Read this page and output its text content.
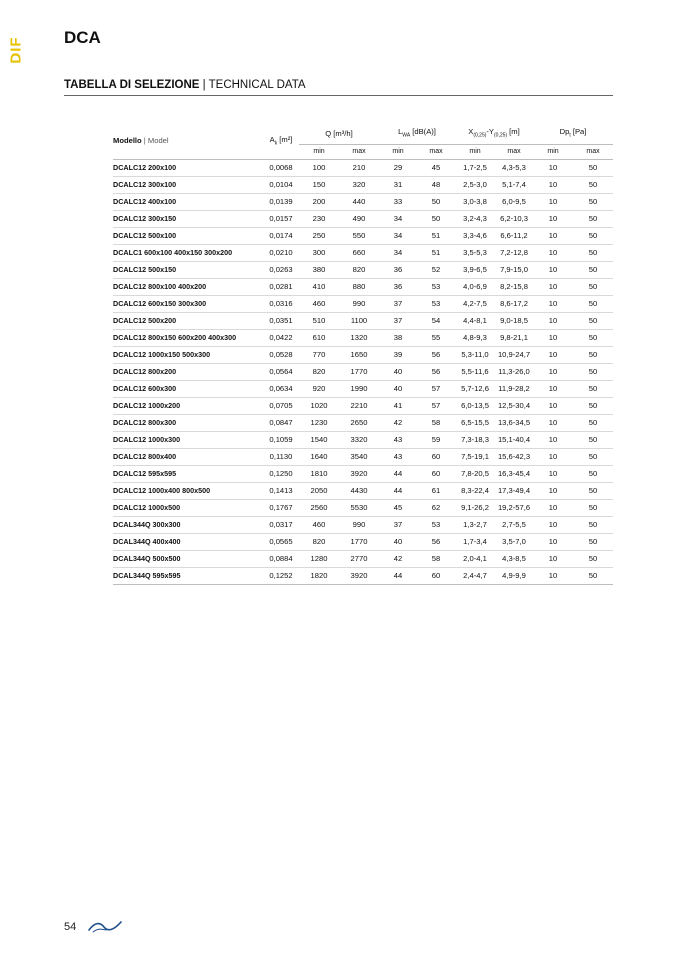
DIF DCA
TABELLA DI SELEZIONE | TECHNICAL DATA
Modello | Model	$A_k$ [m²]	Q [m³/h]		$L_{WA}$ [dB(A)]		$X_{(0,25)}-Y_{(0,25)}$ [m]		$Dp_t$ [Pa]	
		min	max	min	max	min	max	min	max
DCALC12 200x100	0,0068	100	210	29	45	1,7-2,5	4,3-5,3	10	50
DCALC12 300x100	0,0104	150	320	31	48	2,5-3,0	5,1-7,4	10	50
DCALC12 400x100	0,0139	200	440	33	50	3,0-3,8	6,0-9,5	10	50
DCALC12 300x150	0,0157	230	490	34	50	3,2-4,3	6,2-10,3	10	50
DCALC12 500x100	0,0174	250	550	34	51	3,3-4,6	6,6-11,2	10	50
DCALC1 600x100 400x150 300x200	0,0210	300	660	34	51	3,5-5,3	7,2-12,8	10	50
DCALC12 500x150	0,0263	380	820	36	52	3,9-6,5	7,9-15,0	10	50
DCALC12 800x100 400x200	0,0281	410	880	36	53	4,0-6,9	8,2-15,8	10	50
DCALC12 600x150 300x300	0,0316	460	990	37	53	4,2-7,5	8,6-17,2	10	50
DCALC12 500x200	0,0351	510	1100	37	54	4,4-8,1	9,0-18,5	10	50
DCALC12 800x150 600x200 400x300	0,0422	610	1320	38	55	4,8-9,3	9,8-21,1	10	50
DCALC12 1000x150 500x300	0,0528	770	1650	39	56	5,3-11,0	10,9-24,7	10	50
DCALC12 800x200	0,0564	820	1770	40	56	5,5-11,6	11,3-26,0	10	50
DCALC12 600x300	0,0634	920	1990	40	57	5,7-12,6	11,9-28,2	10	50
DCALC12 1000x200	0,0705	1020	2210	41	57	6,0-13,5	12,5-30,4	10	50
DCALC12 800x300	0,0847	1230	2650	42	58	6,5-15,5	13,6-34,5	10	50
DCALC12 1000x300	0,1059	1540	3320	43	59	7,3-18,3	15,1-40,4	10	50
DCALC12 800x400	0,1130	1640	3540	43	60	7,5-19,1	15,6-42,3	10	50
DCALC12 595x595	0,1250	1810	3920	44	60	7,8-20,5	16,3-45,4	10	50
DCALC12 1000x400 800x500	0,1413	2050	4430	44	61	8,3-22,4	17,3-49,4	10	50
DCALC12 1000x500	0,1767	2560	5530	45	62	9,1-26,2	19,2-57,6	10	50
DCAL344Q 300x300	0,0317	460	990	37	53	1,3-2,7	2,7-5,5	10	50
DCAL344Q 400x400	0,0565	820	1770	40	56	1,7-3,4	3,5-7,0	10	50
DCAL344Q 500x500	0,0884	1280	2770	42	58	2,0-4,1	4,3-8,5	10	50
DCAL344Q 595x595	0,1252	1820	3920	44	60	2,4-4,7	4,9-9,9	10	50
54
